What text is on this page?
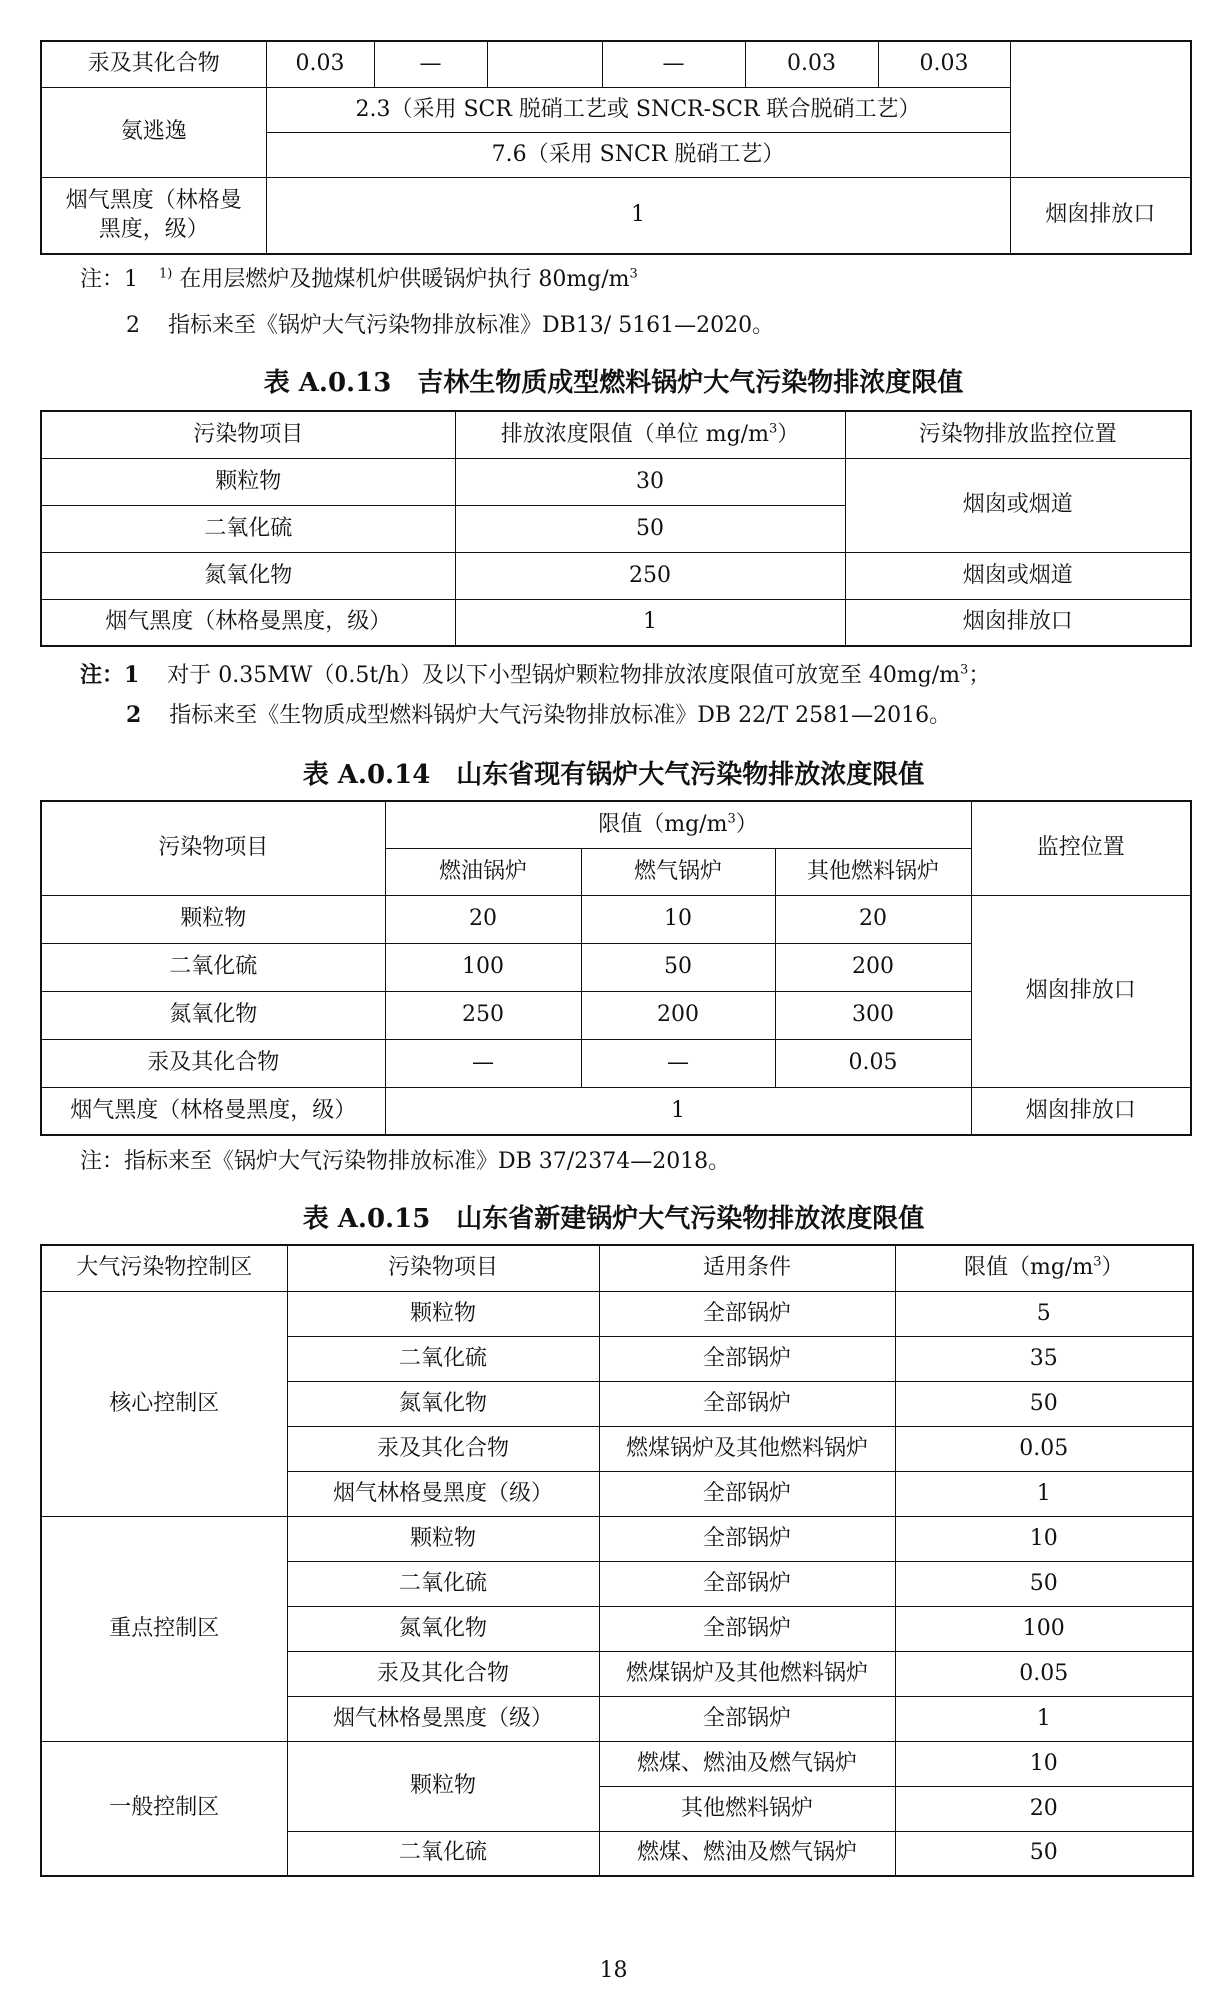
汞及其化合物	0.03	—		—	0.03	0.03	
氨逃逸	2.3（采用 SCR 脱硝工艺或 SNCR-SCR 联合脱硝工艺）						
	7.6（采用 SNCR 脱硝工艺）						

烟气黑度（林格曼
黑度，级）	1						烟囱排放口
注：1 $^{1)}$ 在用层燃炉及抛煤机炉供暖锅炉执行 $80mg/m^3$
2 指标来至《锅炉大气污染物排放标准》DB13/ 5161—2020。
表 A.0.13　吉林生物质成型燃料锅炉大气污染物排浓度限值
污染物项目	排放浓度限值（单位 $mg/m^3$）	污染物排放监控位置
颗粒物	30	烟囱或烟道
二氧化硫	50	
氮氧化物	250	烟囱或烟道
烟气黑度（林格曼黑度，级）	1	烟囱排放口
注：1 对于 0.35MW（0.5t/h）及以下小型锅炉颗粒物排放浓度限值可放宽至 $40mg/m^3$；
2 指标来至《生物质成型燃料锅炉大气污染物排放标准》DB 22/T 2581—2016。
表 A.0.14　山东省现有锅炉大气污染物排放浓度限值
污染物项目	限值$(mg/m^3)$			监控位置
	燃油锅炉	燃气锅炉	其他燃料锅炉	
颗粒物	20	10	20	烟囱排放口
二氧化硫	100	50	200	
氮氧化物	250	200	300	
汞及其化合物	—	—	0.05	
烟气黑度（林格曼黑度，级）	1			烟囱排放口
注：指标来至《锅炉大气污染物排放标准》DB 37/2374—2018。
表 A.0.15　山东省新建锅炉大气污染物排放浓度限值
大气污染物控制区	污染物项目	适用条件	限值$(mg/m^3)$
核心控制区	颗粒物	全部锅炉	5
	二氧化硫	全部锅炉	35
	氮氧化物	全部锅炉	50
	汞及其化合物	燃煤锅炉及其他燃料锅炉	0.05
	烟气林格曼黑度（级）	全部锅炉	1
重点控制区	颗粒物	全部锅炉	10
	二氧化硫	全部锅炉	50
	氮氧化物	全部锅炉	100
	汞及其化合物	燃煤锅炉及其他燃料锅炉	0.05
	烟气林格曼黑度（级）	全部锅炉	1
一般控制区	颗粒物	燃煤、燃油及燃气锅炉	10
		其他燃料锅炉	20
	二氧化硫	燃煤、燃油及燃气锅炉	50
18
